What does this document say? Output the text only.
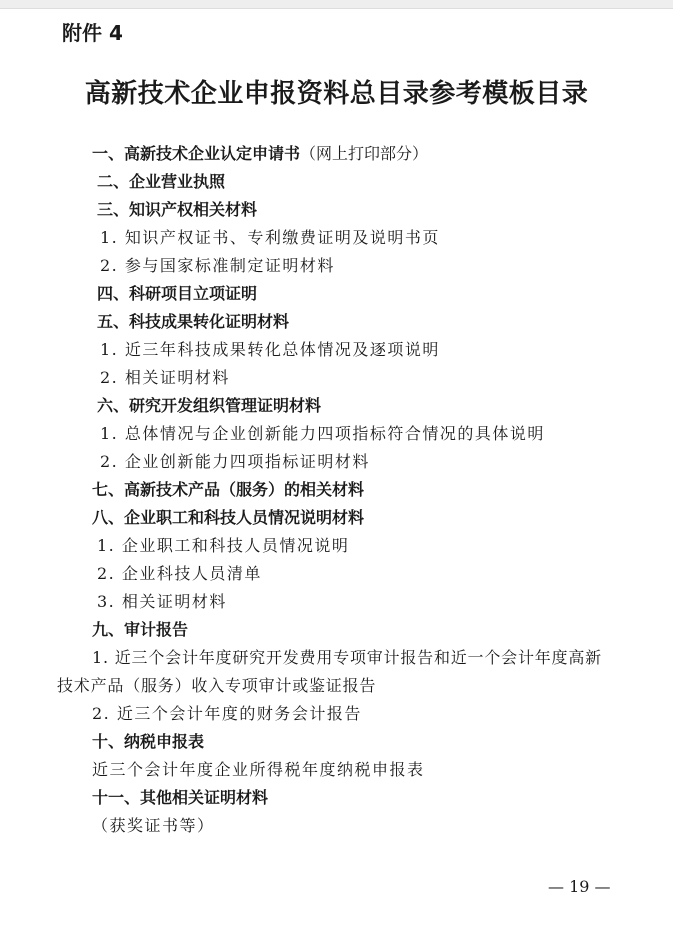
附件 4
高新技术企业申报资料总目录参考模板目录
一、高新技术企业认定申请书（网上打印部分）
二、企业营业执照
三、知识产权相关材料
1. 知识产权证书、专利缴费证明及说明书页
2. 参与国家标准制定证明材料
四、科研项目立项证明
五、科技成果转化证明材料
1. 近三年科技成果转化总体情况及逐项说明
2. 相关证明材料
六、研究开发组织管理证明材料
1. 总体情况与企业创新能力四项指标符合情况的具体说明
2. 企业创新能力四项指标证明材料
七、高新技术产品（服务）的相关材料
八、企业职工和科技人员情况说明材料
1. 企业职工和科技人员情况说明
2. 企业科技人员清单
3. 相关证明材料
九、审计报告
1. 近三个会计年度研究开发费用专项审计报告和近一个会计年度高新
技术产品（服务）收入专项审计或鉴证报告
2. 近三个会计年度的财务会计报告
十、纳税申报表
近三个会计年度企业所得税年度纳税申报表
十一、其他相关证明材料
（获奖证书等）
— 19 —
